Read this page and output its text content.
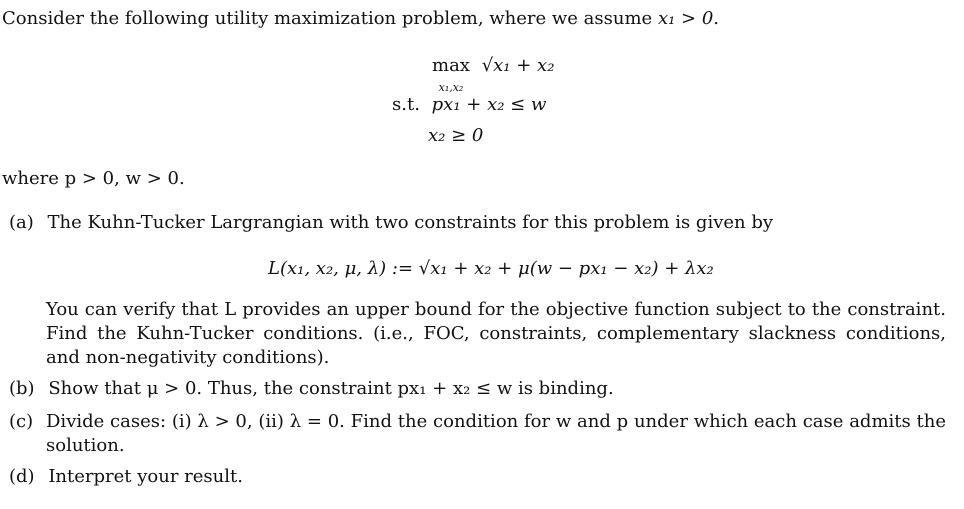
Consider the following utility maximization problem, where we assume x₁ > 0.
max
x₁,x₂
√x₁ + x₂
s.t. px₁ + x₂ ≤ w
x₂ ≥ 0
where p > 0, w > 0.
(a) The Kuhn-Tucker Largrangian with two constraints for this problem is given by
L(x₁, x₂, μ, λ) := √x₁ + x₂ + μ(w − px₁ − x₂) + λx₂
You can verify that L provides an upper bound for the objective function subject to the constraint. Find the Kuhn-Tucker conditions. (i.e., FOC, constraints, complementary slackness conditions, and non-negativity conditions).
(b) Show that μ > 0. Thus, the constraint px₁ + x₂ ≤ w is binding.
(c) Divide cases: (i) λ > 0, (ii) λ = 0. Find the condition for w and p under which each case admits the solution.
(d) Interpret your result.
